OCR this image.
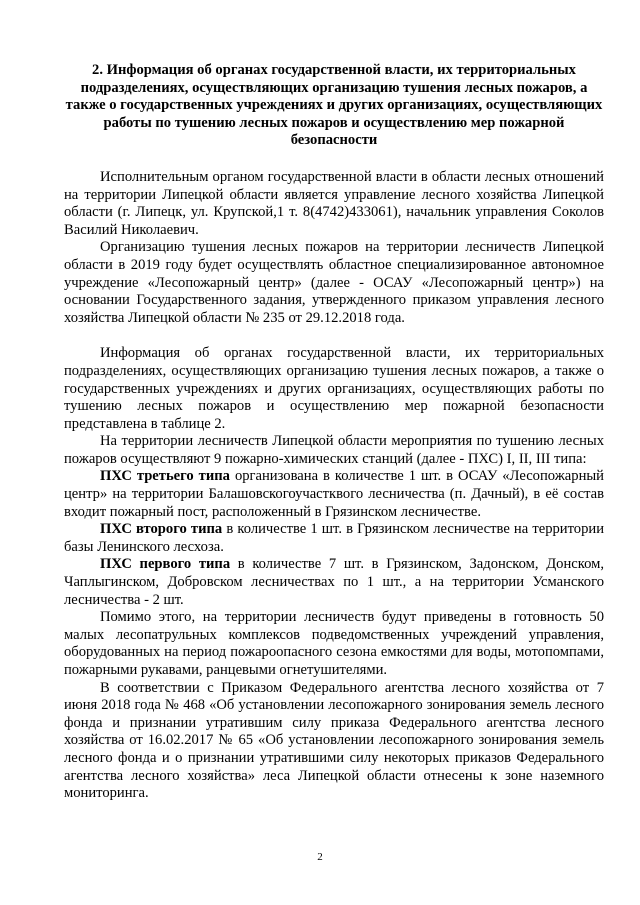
2. Информация об органах государственной власти, их территориальных подразделениях, осуществляющих организацию тушения лесных пожаров, а также о государственных учреждениях и других организациях, осуществляющих работы по тушению лесных пожаров и осуществлению мер пожарной безопасности

Исполнительным органом государственной власти в области лесных отношений на территории Липецкой области является управление лесного хозяйства Липецкой области (г. Липецк, ул. Крупской,1 т. 8(4742)433061), начальник управления Соколов Василий Николаевич.

Организацию тушения лесных пожаров на территории лесничеств Липецкой области в 2019 году будет осуществлять областное специализированное автономное учреждение «Лесопожарный центр» (далее - ОСАУ «Лесопожарный центр») на основании Государственного задания, утвержденного приказом управления лесного хозяйства Липецкой области № 235 от 29.12.2018 года.

Информация об органах государственной власти, их территориальных подразделениях, осуществляющих организацию тушения лесных пожаров, а также о государственных учреждениях и других организациях, осуществляющих работы по тушению лесных пожаров и осуществлению мер пожарной безопасности представлена в таблице 2.

На территории лесничеств Липецкой области мероприятия по тушению лесных пожаров осуществляют 9 пожарно-химических станций (далее - ПХС) I, II, III типа:

ПХС третьего типа организована в количестве 1 шт. в ОСАУ «Лесопожарный центр» на территории Балашовскогоучастквого лесничества (п. Дачный), в её состав входит пожарный пост, расположенный в Грязинском лесничестве.

ПХС второго типа в количестве 1 шт. в Грязинском лесничестве на территории базы Ленинского лесхоза.

ПХС первого типа в количестве 7 шт. в Грязинском, Задонском, Донском, Чаплыгинском, Добровском лесничествах по 1 шт., а на территории Усманского лесничества - 2 шт.

Помимо этого, на территории лесничеств будут приведены в готовность 50 малых лесопатрульных комплексов подведомственных учреждений управления, оборудованных на период пожароопасного сезона емкостями для воды, мотопомпами, пожарными рукавами, ранцевыми огнетушителями.

В соответствии с Приказом Федерального агентства лесного хозяйства от 7 июня 2018 года № 468 «Об установлении лесопожарного зонирования земель лесного фонда и признании утратившим силу приказа Федерального агентства лесного хозяйства от 16.02.2017 № 65 «Об установлении лесопожарного зонирования земель лесного фонда и о признании утратившими силу некоторых приказов Федерального агентства лесного хозяйства» леса Липецкой области отнесены к зоне наземного мониторинга.

2
